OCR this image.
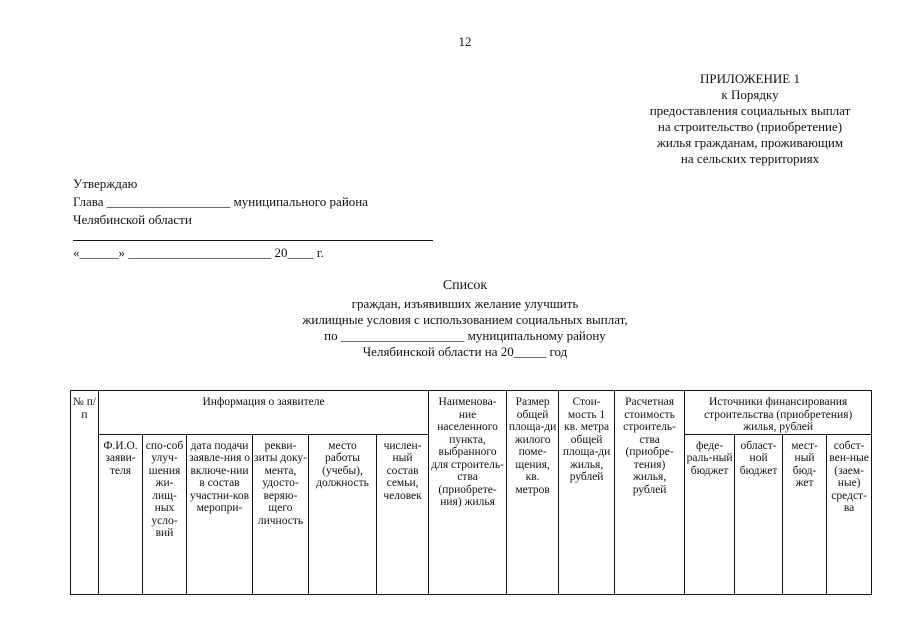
12
ПРИЛОЖЕНИЕ 1
к Порядку
предоставления социальных выплат
на строительство (приобретение)
жилья гражданам, проживающим
на сельских территориях
Утверждаю
Глава ___________________ муниципального района
Челябинской области
«______» ______________________ 20____ г.
Список
граждан, изъявивших желание улучшить
жилищные условия с использованием социальных выплат,
по ___________________ муниципальному району
Челябинской области на 20_____ год
№ п/п	Информация о заявителе						Наименова-ние населенного пункта, выбранного для строитель-ства (приобрете-ния) жилья	Размер общей площа-ди жилого поме-щения, кв. метров	Стои-мость 1 кв. метра общей площа-ди жилья, рублей	Расчетная стоимость строитель-ства (приобре-тения) жилья, рублей	Источники финансирования строительства (приобретения) жилья, рублей			
	Ф.И.О. заяви-теля	спо-соб улуч-шения жи-лищ-ных усло-вий	дата подачи заявле-ния о включе-нии в состав участни-ков меропри-	рекви-зиты доку-мента, удосто-веряю-щего личность	место работы (учебы), должность	числен-ный состав семьи, человек					феде-раль-ный бюджет	област-ной бюджет	мест-ный бюд-жет	собст-вен-ные (заем-ные) средст-ва
